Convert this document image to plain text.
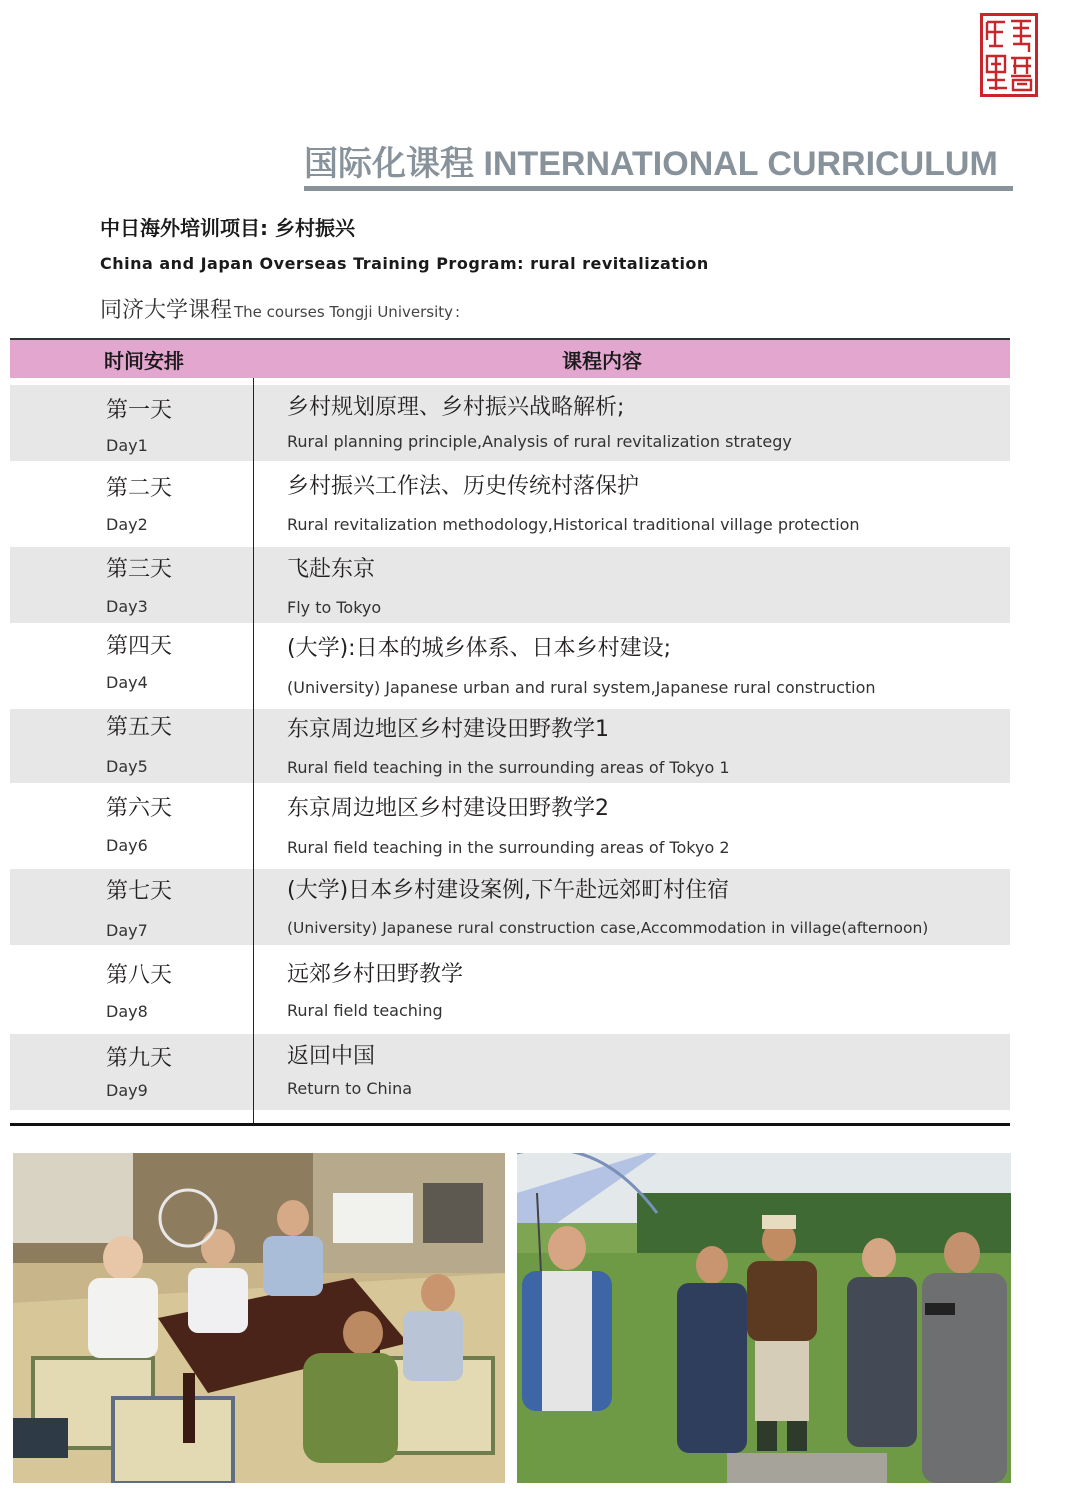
国际化课程 INTERNATIONAL CURRICULUM
中日海外培训项目: 乡村振兴
China and Japan Overseas Training Program: rural revitalization
同济大学课程 The courses Tongji University :
时间安排	课程内容
第一天
Day1
乡村规划原理、乡村振兴战略解析;
Rural planning principle,Analysis of rural revitalization strategy
第二天
Day2
乡村振兴工作法、历史传统村落保护
Rural revitalization methodology,Historical traditional village protection
第三天
Day3
飞赴东京
Fly to Tokyo
第四天
Day4
(大学):日本的城乡体系、日本乡村建设;
(University) Japanese urban and rural system,Japanese rural construction
第五天
Day5
东京周边地区乡村建设田野教学1
Rural field teaching in the surrounding areas of Tokyo 1
第六天
Day6
东京周边地区乡村建设田野教学2
Rural field teaching in the surrounding areas of Tokyo 2
第七天
Day7
(大学)日本乡村建设案例,下午赴远郊町村住宿
(University) Japanese rural construction case,Accommodation in village(afternoon)
第八天
Day8
远郊乡村田野教学
Rural field teaching
第九天
Day9
返回中国
Return to China
